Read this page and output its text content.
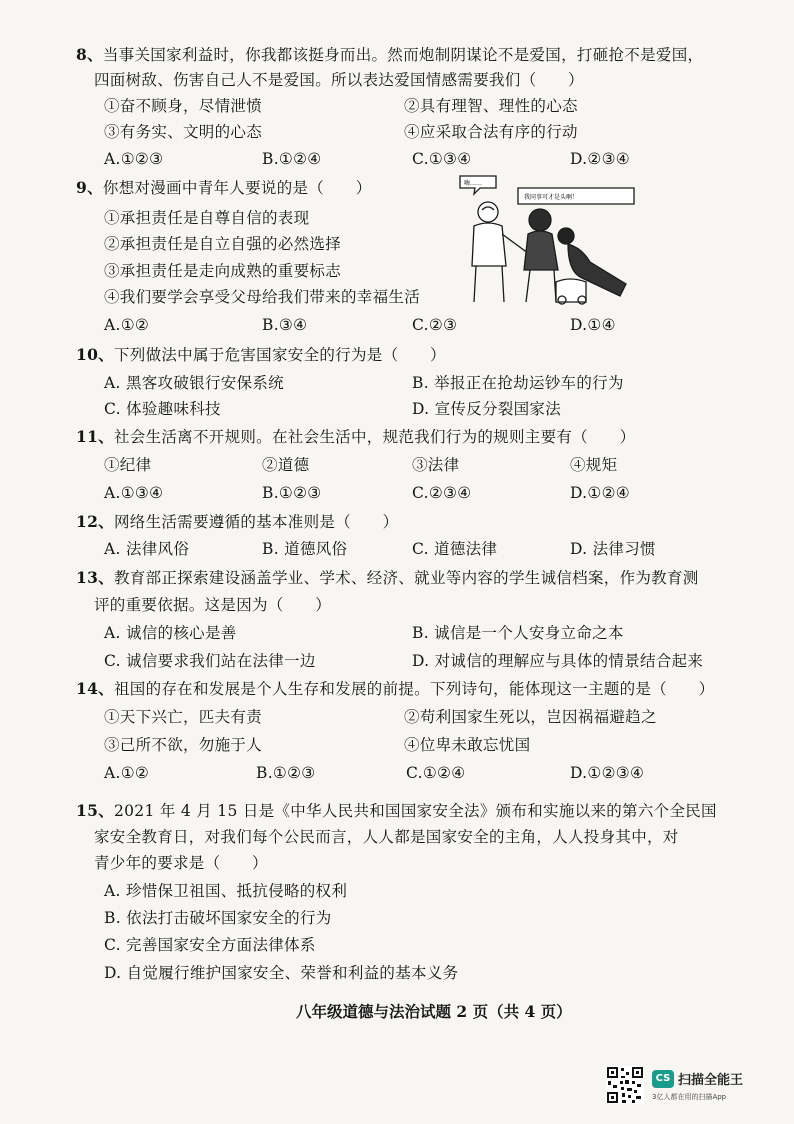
8、当事关国家利益时，你我都该挺身而出。然而炮制阴谋论不是爱国，打砸抢不是爱国，
四面树敌、伤害自己人不是爱国。所以表达爱国情感需要我们（　　）
①奋不顾身，尽情泄愤	②具有理智、理性的心态
③有务实、文明的心态	④应采取合法有序的行动
A.①②③	B.①②④	C.①③④	D.②③④
9、你想对漫画中青年人要说的是（　　）
①承担责任是自尊自信的表现
②承担责任是自立自强的必然选择
③承担责任是走向成熟的重要标志
④我们要学会享受父母给我们带来的幸福生活
A.①②	B.③④	C.②③	D.①④
嗨……
我同事可才是头啊！
10、下列做法中属于危害国家安全的行为是（　　）
A. 黑客攻破银行安保系统	B. 举报正在抢劫运钞车的行为
C. 体验趣味科技	D. 宣传反分裂国家法
11、社会生活离不开规则。在社会生活中，规范我们行为的规则主要有（　　）
①纪律	②道德	③法律	④规矩
A.①③④	B.①②③	C.②③④	D.①②④
12、网络生活需要遵循的基本准则是（　　）
A. 法律风俗	B. 道德风俗	C. 道德法律	D. 法律习惯
13、教育部正探索建设涵盖学业、学术、经济、就业等内容的学生诚信档案，作为教育测
评的重要依据。这是因为（　　）
A. 诚信的核心是善	B. 诚信是一个人安身立命之本
C. 诚信要求我们站在法律一边	D. 对诚信的理解应与具体的情景结合起来
14、祖国的存在和发展是个人生存和发展的前提。下列诗句，能体现这一主题的是（　　）
①天下兴亡，匹夫有责	②苟利国家生死以，岂因祸福避趋之
③己所不欲，勿施于人	④位卑未敢忘忧国
A.①②	B.①②③	C.①②④	D.①②③④
15、2021 年 4 月 15 日是《中华人民共和国国家安全法》颁布和实施以来的第六个全民国
家安全教育日，对我们每个公民而言，人人都是国家安全的主角，人人投身其中，对
青少年的要求是（　　）
A. 珍惜保卫祖国、抵抗侵略的权利
B. 依法打击破坏国家安全的行为
C. 完善国家安全方面法律体系
D. 自觉履行维护国家安全、荣誉和利益的基本义务
八年级道德与法治试题 2 页（共 4 页）
CS 扫描全能王
3亿人都在用的扫描App
